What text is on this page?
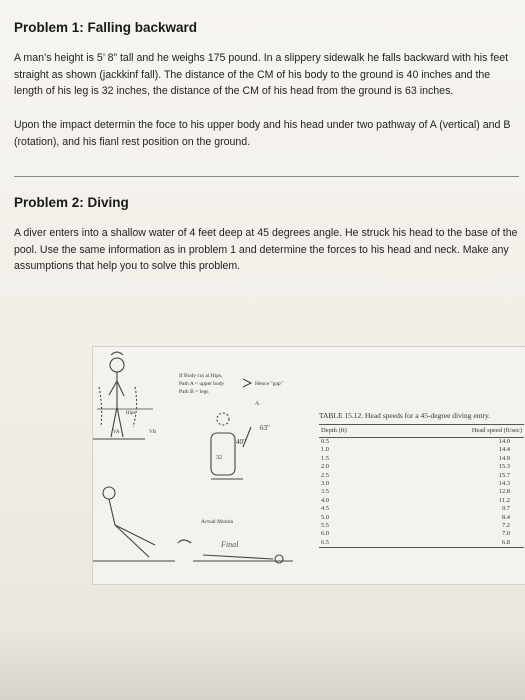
Problem 1: Falling backward

A man’s height is 5’ 8” tall and he weighs 175 pound. In a slippery sidewalk he falls backward with his feet straight as shown (jackkinf fall). The distance of the CM of his body to the ground is 40 inches and the length of his leg is 32 inches, the distance of the CM of his head from the ground is 63 inches.

Upon the impact determin the foce to his upper body and his head under two pathway of A (vertical) and B (rotation), and his fianl rest position on the ground.

Problem 2: Diving

A diver enters into a shallow water of 4 feet deep at 45 degrees angle. He struck his head to the base of the pool. Use the same information as in problem 1 and determine the forces to his head and neck. Make any assumptions that help you to solve this problem.

If Body cut at Hips,
Path A = upper body
Path B = legs
Hence "gap"
Hips
VA	VB
A
40"
63"
32
Actual Motion
Final

TABLE 15.12. Head speeds for a 45-degree diving entry.

Depth (ft)	Head speed (ft/sec)
0.5	14.0
1.0	14.4
1.5	14.9
2.0	15.3
2.5	15.7
3.0	14.3
3.5	12.8
4.0	11.2
4.5	9.7
5.0	8.4
5.5	7.2
6.0	7.0
6.5	6.8
